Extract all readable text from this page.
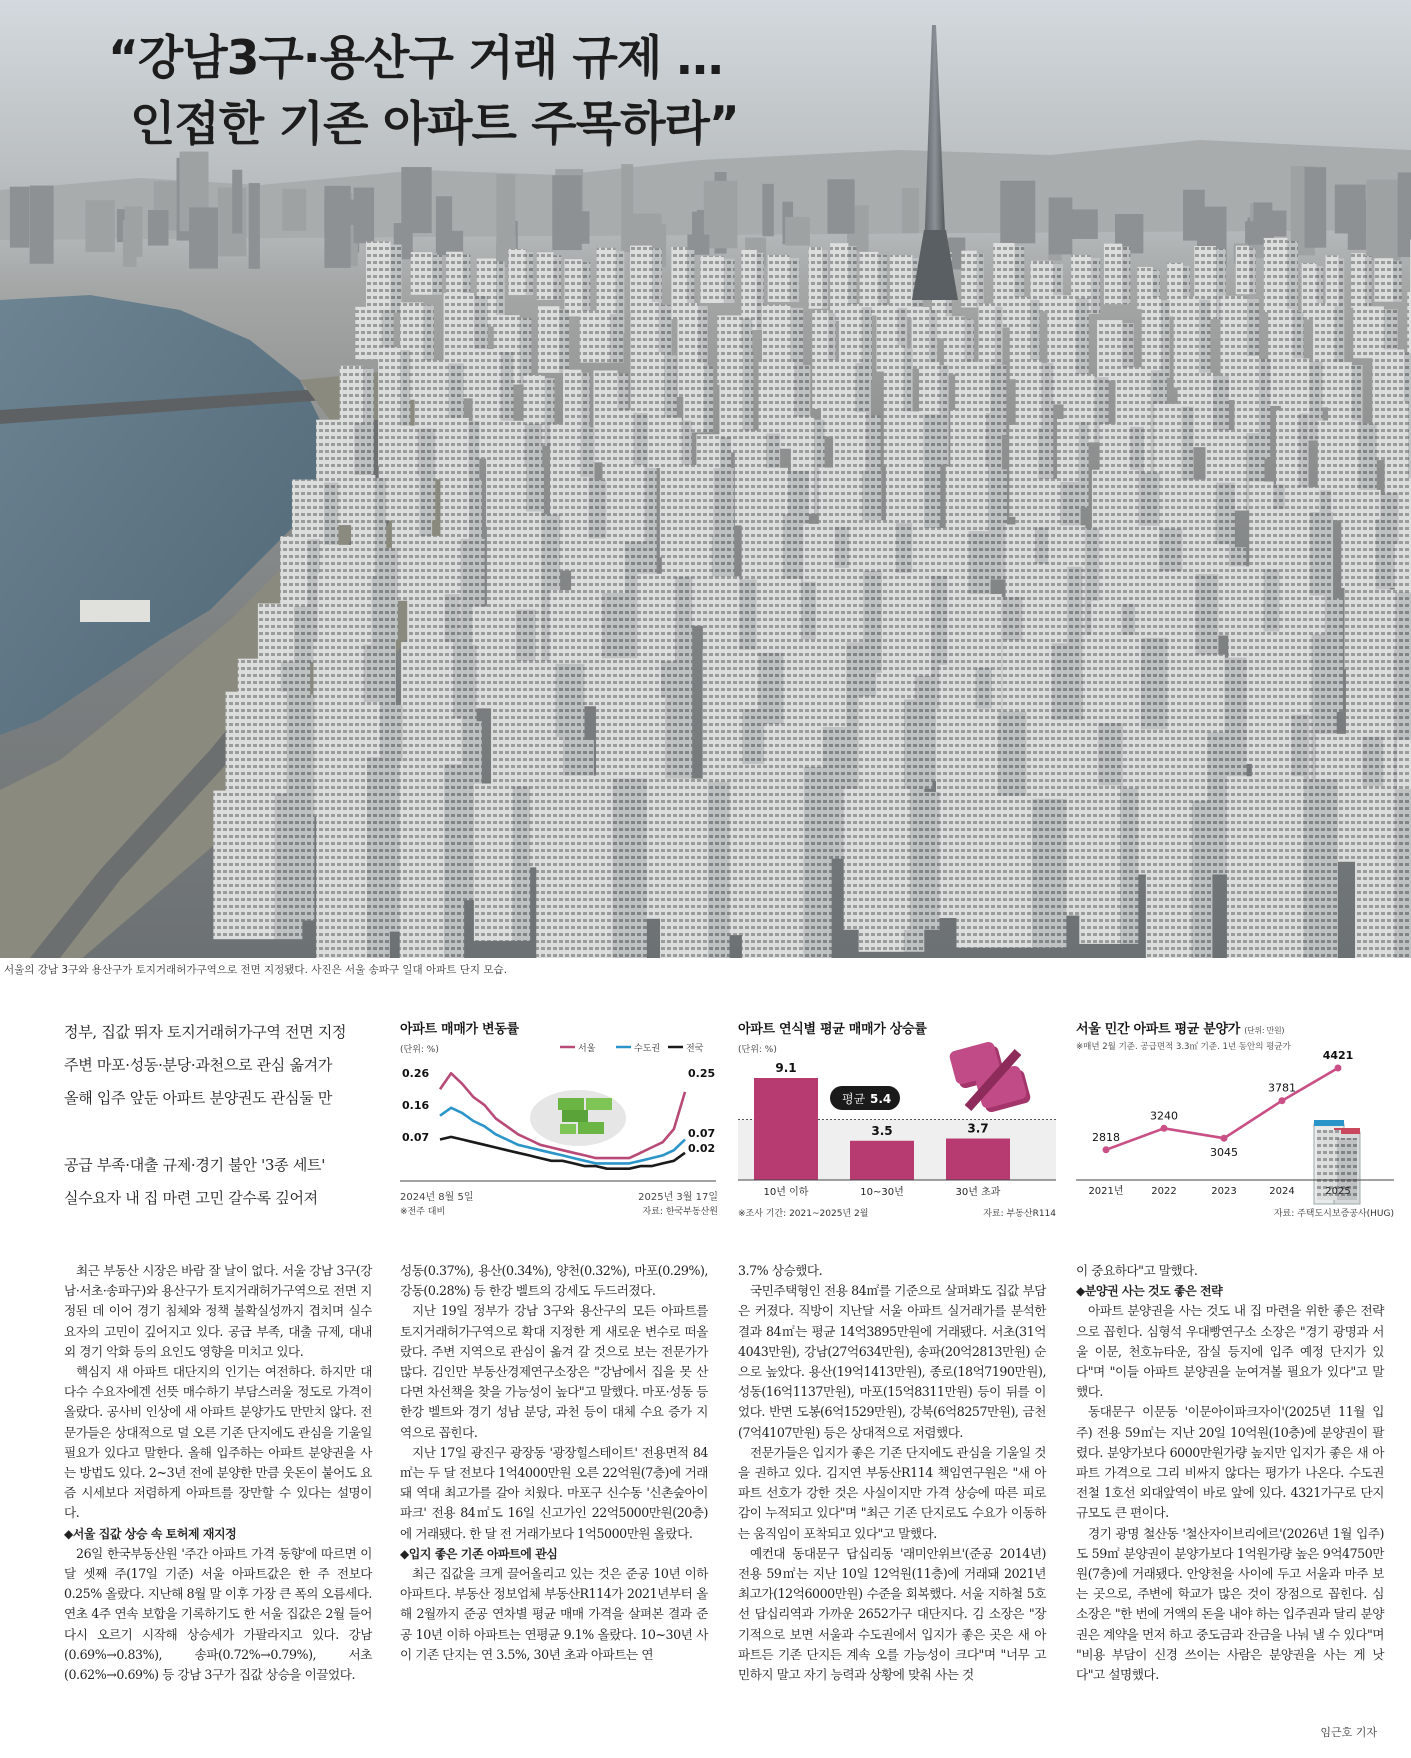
“강남3구·용산구 거래 규제 …
인접한 기존 아파트 주목하라”
서울의 강남 3구와 용산구가 토지거래허가구역으로 전면 지정됐다. 사진은 서울 송파구 일대 아파트 단지 모습.

정부, 집값 뛰자 토지거래허가구역 전면 지정

주변 마포·성동·분당·과천으로 관심 옮겨가

올해 입주 앞둔 아파트 분양권도 관심둘 만

공급 부족·대출 규제·경기 불안 '3종 세트'

실수요자 내 집 마련 고민 갈수록 깊어져

아파트 매매가 변동률
(단위: %)	서울	수도권	전국
0.26
0.16
0.07
0.25
0.07
0.02
2024년 8월 5일	2025년 3월 17일
※전주 대비	자료: 한국부동산원
아파트 연식별 평균 매매가 상승률
(단위: %)
9.1
10년 이하
3.5
10~30년
3.7
30년 초과
평균 5.4
※조사 기간: 2021~2025년 2월	자료: 부동산R114
서울 민간 아파트 평균 분양가 (단위: 만원)
※매년 2월 기준. 공급면적 3.3㎡ 기준. 1년 동안의 평균가
2818
2021년
3240
2022
3045
2023
3781
2024
4421
2025
자료: 주택도시보증공사(HUG)

최근 부동산 시장은 바람 잘 날이 없다. 서울 강남 3구(강남·서초·송파구)와 용산구가 토지거래허가구역으로 전면 지정된 데 이어 경기 침체와 정책 불확실성까지 겹치며 실수요자의 고민이 깊어지고 있다. 공급 부족, 대출 규제, 대내외 경기 악화 등의 요인도 영향을 미치고 있다.

핵심지 새 아파트 대단지의 인기는 여전하다. 하지만 대다수 수요자에겐 선뜻 매수하기 부담스러울 정도로 가격이 올랐다. 공사비 인상에 새 아파트 분양가도 만만치 않다. 전문가들은 상대적으로 덜 오른 기존 단지에도 관심을 기울일 필요가 있다고 말한다. 올해 입주하는 아파트 분양권을 사는 방법도 있다. 2~3년 전에 분양한 만큼 웃돈이 붙어도 요즘 시세보다 저렴하게 아파트를 장만할 수 있다는 설명이다.

◆서울 집값 상승 속 토허제 재지정

26일 한국부동산원 '주간 아파트 가격 동향'에 따르면 이달 셋째 주(17일 기준) 서울 아파트값은 한 주 전보다 0.25% 올랐다. 지난해 8월 말 이후 가장 큰 폭의 오름세다. 연초 4주 연속 보합을 기록하기도 한 서울 집값은 2월 들어 다시 오르기 시작해 상승세가 가팔라지고 있다. 강남(0.69%→0.83%), 송파(0.72%→0.79%), 서초(0.62%→0.69%) 등 강남 3구가 집값 상승을 이끌었다.

성동(0.37%), 용산(0.34%), 양천(0.32%), 마포(0.29%), 강동(0.28%) 등 한강 벨트의 강세도 두드러졌다.

지난 19일 정부가 강남 3구와 용산구의 모든 아파트를 토지거래허가구역으로 확대 지정한 게 새로운 변수로 떠올랐다. 주변 지역으로 관심이 옮겨 갈 것으로 보는 전문가가 많다. 김인만 부동산경제연구소장은 "강남에서 집을 못 산다면 차선책을 찾을 가능성이 높다"고 말했다. 마포·성동 등 한강 벨트와 경기 성남 분당, 과천 등이 대체 수요 증가 지역으로 꼽힌다.

지난 17일 광진구 광장동 '광장힐스테이트' 전용면적 84㎡는 두 달 전보다 1억4000만원 오른 22억원(7층)에 거래돼 역대 최고가를 갈아 치웠다. 마포구 신수동 '신촌숲아이파크' 전용 84㎡도 16일 신고가인 22억5000만원(20층)에 거래됐다. 한 달 전 거래가보다 1억5000만원 올랐다.

◆입지 좋은 기존 아파트에 관심

최근 집값을 크게 끌어올리고 있는 것은 준공 10년 이하 아파트다. 부동산 정보업체 부동산R114가 2021년부터 올해 2월까지 준공 연차별 평균 매매 가격을 살펴본 결과 준공 10년 이하 아파트는 연평균 9.1% 올랐다. 10~30년 사이 기존 단지는 연 3.5%, 30년 초과 아파트는 연

3.7% 상승했다.

국민주택형인 전용 84㎡를 기준으로 살펴봐도 집값 부담은 커졌다. 직방이 지난달 서울 아파트 실거래가를 분석한 결과 84㎡는 평균 14억3895만원에 거래됐다. 서초(31억4043만원), 강남(27억634만원), 송파(20억2813만원) 순으로 높았다. 용산(19억1413만원), 종로(18억7190만원), 성동(16억1137만원), 마포(15억8311만원) 등이 뒤를 이었다. 반면 도봉(6억1529만원), 강북(6억8257만원), 금천(7억4107만원) 등은 상대적으로 저렴했다.

전문가들은 입지가 좋은 기존 단지에도 관심을 기울일 것을 권하고 있다. 김지연 부동산R114 책임연구원은 "새 아파트 선호가 강한 것은 사실이지만 가격 상승에 따른 피로감이 누적되고 있다"며 "최근 기존 단지로도 수요가 이동하는 움직임이 포착되고 있다"고 말했다.

예컨대 동대문구 답십리동 '래미안위브'(준공 2014년) 전용 59㎡는 지난 10일 12억원(11층)에 거래돼 2021년 최고가(12억6000만원) 수준을 회복했다. 서울 지하철 5호선 답십리역과 가까운 2652가구 대단지다. 김 소장은 "장기적으로 보면 서울과 수도권에서 입지가 좋은 곳은 새 아파트든 기존 단지든 계속 오를 가능성이 크다"며 "너무 고민하지 말고 자기 능력과 상황에 맞춰 사는 것

이 중요하다"고 말했다.

◆분양권 사는 것도 좋은 전략

아파트 분양권을 사는 것도 내 집 마련을 위한 좋은 전략으로 꼽힌다. 심형석 우대빵연구소 소장은 "경기 광명과 서울 이문, 천호뉴타운, 잠실 등지에 입주 예정 단지가 있다"며 "이들 아파트 분양권을 눈여겨볼 필요가 있다"고 말했다.

동대문구 이문동 '이문아이파크자이'(2025년 11월 입주) 전용 59㎡는 지난 20일 10억원(10층)에 분양권이 팔렸다. 분양가보다 6000만원가량 높지만 입지가 좋은 새 아파트 가격으로 그리 비싸지 않다는 평가가 나온다. 수도권 전철 1호선 외대앞역이 바로 앞에 있다. 4321가구로 단지 규모도 큰 편이다.

경기 광명 철산동 '철산자이브리에르'(2026년 1월 입주)도 59㎡ 분양권이 분양가보다 1억원가량 높은 9억4750만원(7층)에 거래됐다. 안양천을 사이에 두고 서울과 마주 보는 곳으로, 주변에 학교가 많은 것이 장점으로 꼽힌다. 심 소장은 "한 번에 거액의 돈을 내야 하는 입주권과 달리 분양권은 계약을 먼저 하고 중도금과 잔금을 나눠 낼 수 있다"며 "비용 부담이 신경 쓰이는 사람은 분양권을 사는 게 낫다"고 설명했다.

임근호 기자
